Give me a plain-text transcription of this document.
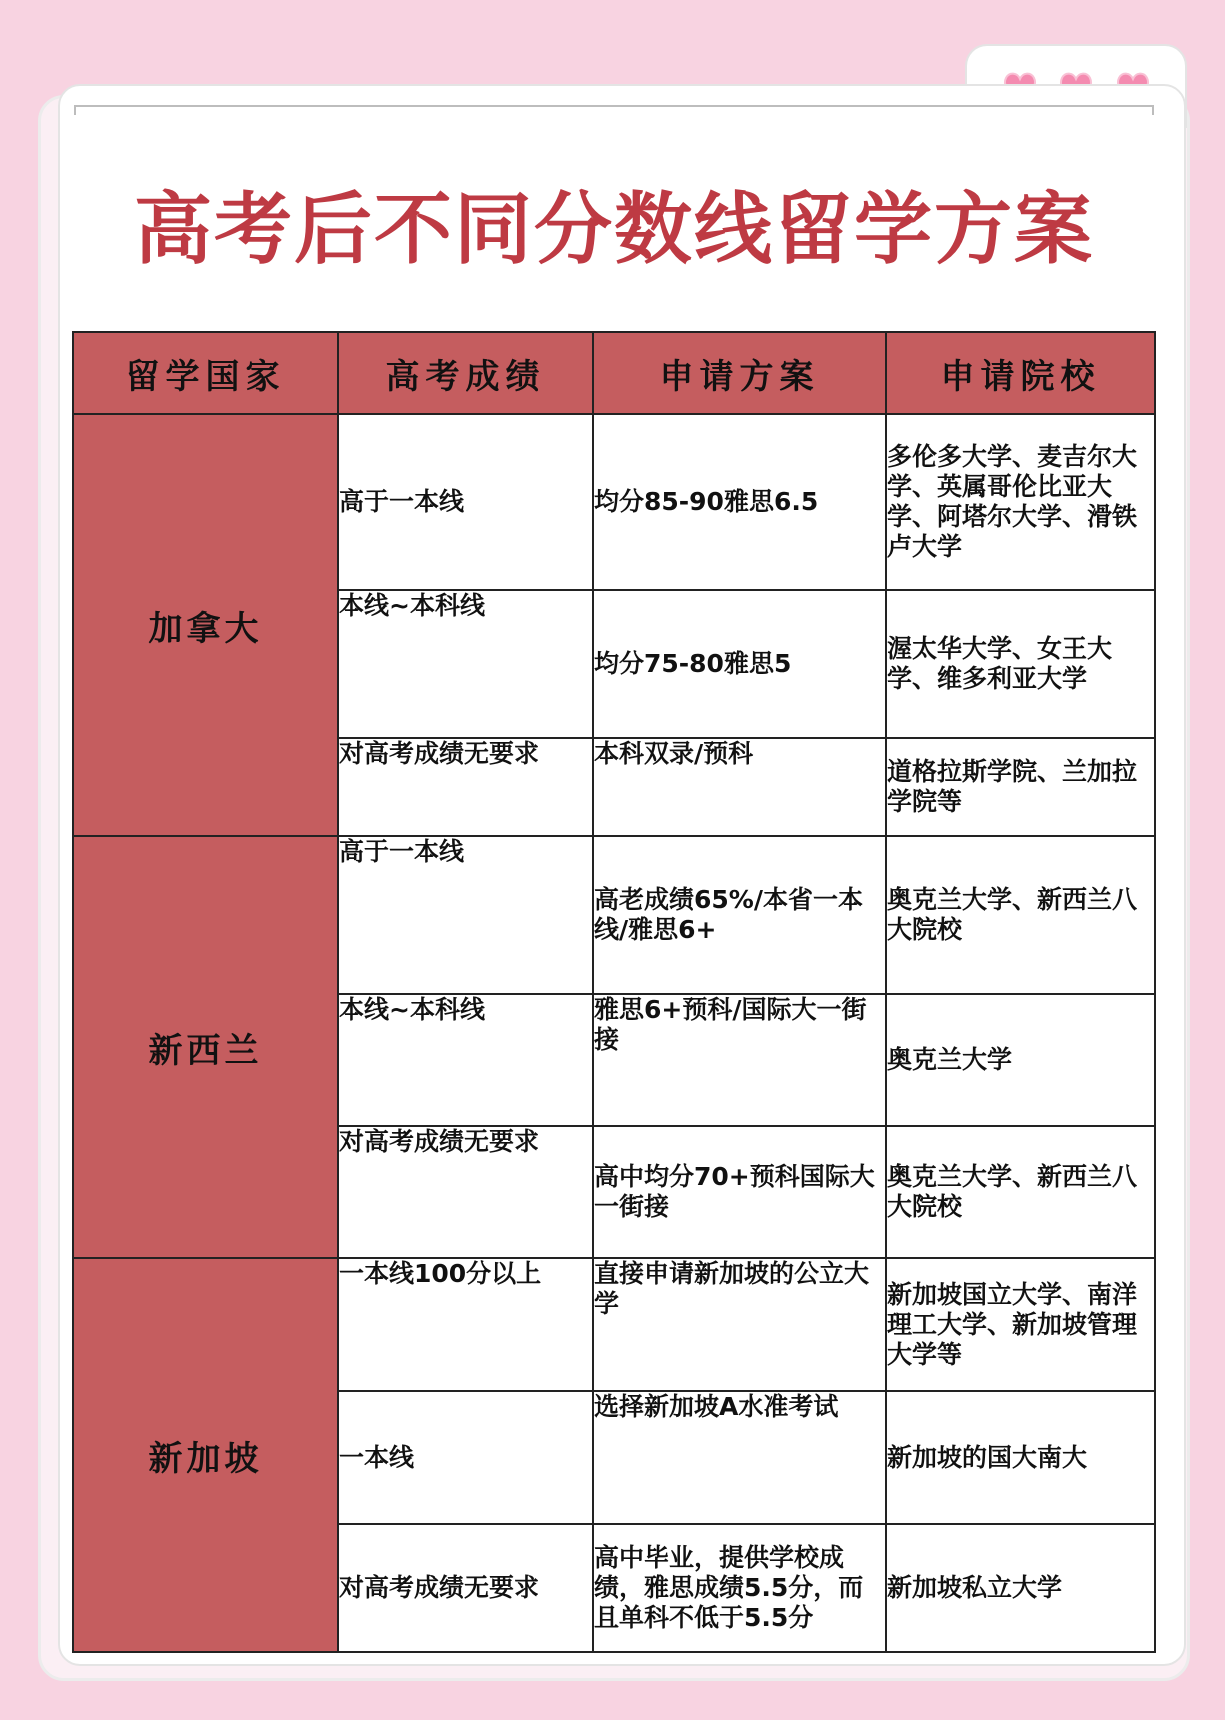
高考后不同分数线留学方案
留学国家	高考成绩	申请方案	申请院校
加拿大	高于一本线	均分85-90雅思6.5	多伦多大学、麦吉尔大学、英属哥伦比亚大学、阿塔尔大学、滑铁卢大学
	本线~本科线	均分75-80雅思5	渥太华大学、女王大学、维多利亚大学
	对高考成绩无要求	本科双录/预科	道格拉斯学院、兰加拉学院等
新西兰	高于一本线	高老成绩65%/本省一本线/雅思6+	奥克兰大学、新西兰八大院校
	本线~本科线	雅思6+预科/国际大一街接	奥克兰大学
	对高考成绩无要求	高中均分70+预科国际大一街接	奥克兰大学、新西兰八大院校
新加坡	一本线100分以上	直接申请新加坡的公立大学	新加坡国立大学、南洋理工大学、新加坡管理大学等
	一本线	选择新加坡A水准考试	新加坡的国大南大
	对高考成绩无要求	高中毕业，提供学校成绩，雅思成绩5.5分，而且单科不低于5.5分	新加坡私立大学
